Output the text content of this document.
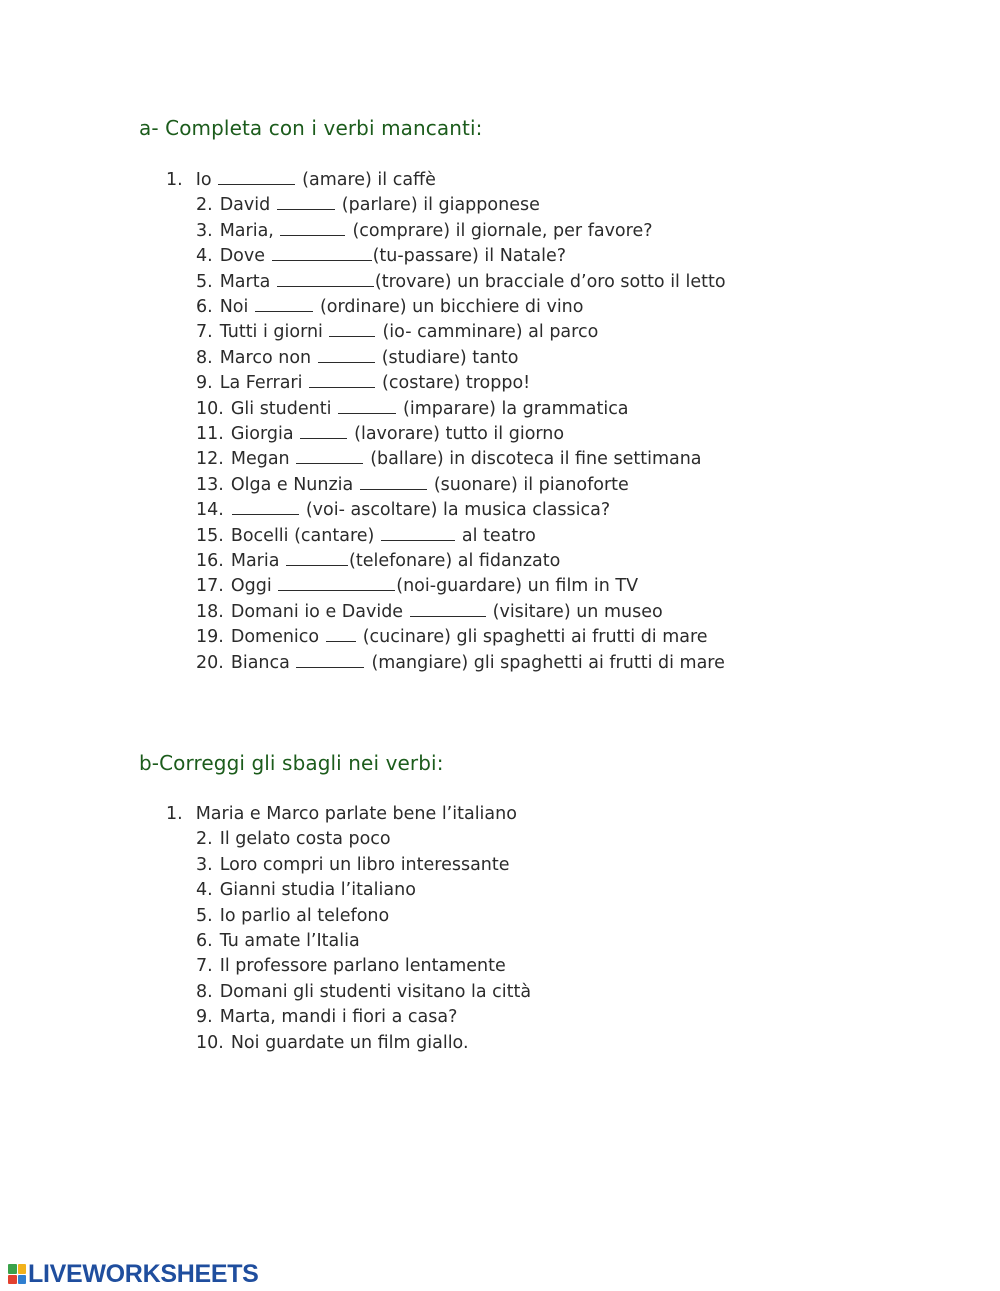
a- Completa con i verbi mancanti:
1. Io	(amare) il caffè
2. David	(parlare) il giapponese
3. Maria,	(comprare) il giornale, per favore?
4. Dove	(tu-passare) il Natale?
5. Marta	(trovare) un bracciale d’oro sotto il letto
6. Noi	(ordinare) un bicchiere di vino
7. Tutti i giorni	(io- camminare) al parco
8. Marco non	(studiare) tanto
9. La Ferrari	(costare) troppo!
10. Gli studenti	(imparare) la grammatica
11. Giorgia	(lavorare) tutto il giorno
12. Megan	(ballare) in discoteca il fine settimana
13. Olga e Nunzia	(suonare) il pianoforte
14.	(voi- ascoltare) la musica classica?
15. Bocelli (cantare)	al teatro
16. Maria	(telefonare) al fidanzato
17. Oggi	(noi-guardare) un film in TV
18. Domani io e Davide	(visitare) un museo
19. Domenico (cucinare) gli spaghetti ai frutti di mare
20. Bianca	(mangiare) gli spaghetti ai frutti di mare
b-Correggi gli sbagli nei verbi:
1. Maria e Marco parlate bene l’italiano
2. Il gelato costa poco
3. Loro compri un libro interessante
4. Gianni studia l’italiano
5. Io parlio al telefono
6. Tu amate l’Italia
7. Il professore parlano lentamente
8. Domani gli studenti visitano la città
9. Marta, mandi i fiori a casa?
10. Noi guardate un film giallo.
LIVEWORKSHEETS
